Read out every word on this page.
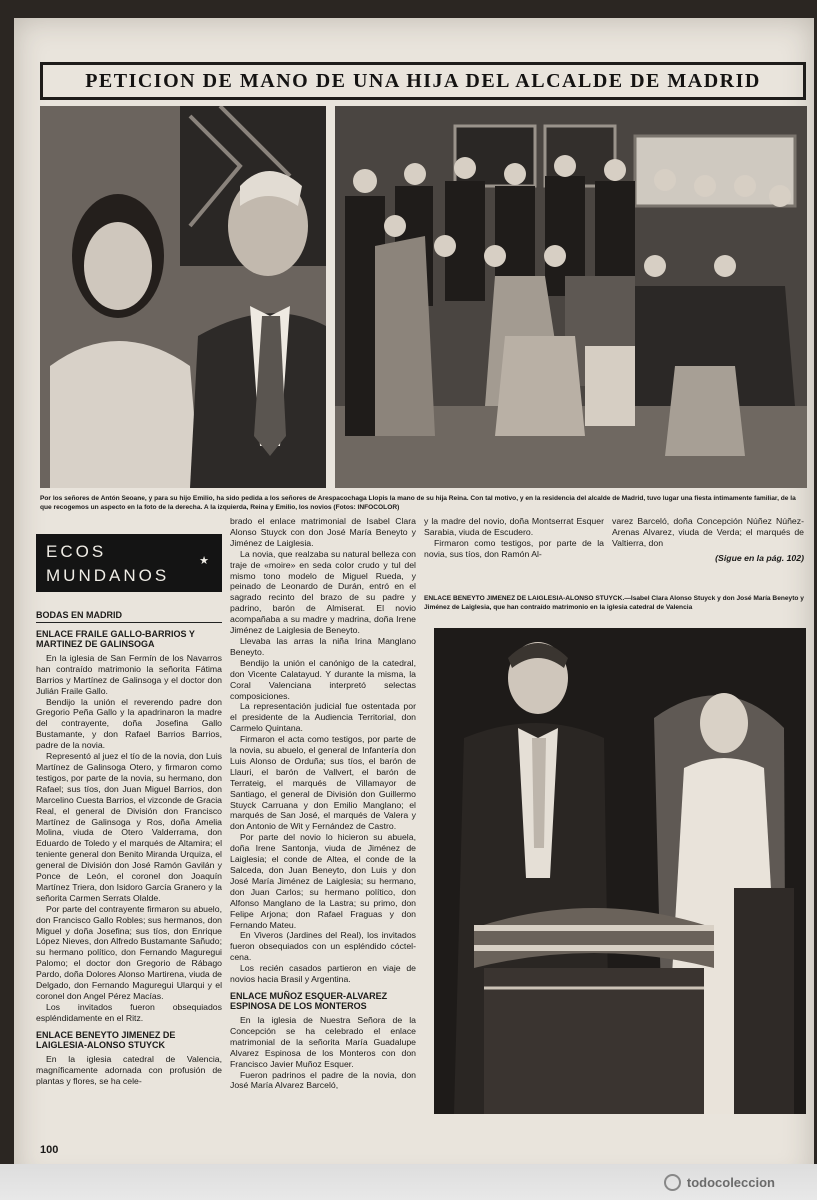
PETICION DE MANO DE UNA HIJA DEL ALCALDE DE MADRID
Por los señores de Antón Seoane, y para su hijo Emilio, ha sido pedida a los señores de Arespacochaga Llopis la mano de su hija Reina. Con tal motivo, y en la residencia del alcalde de Madrid, tuvo lugar una fiesta íntimamente familiar, de la que recogemos un aspecto en la foto de la derecha. A la izquierda, Reina y Emilio, los novios (Fotos: INFOCOLOR)
ECOS
MUNDANOS
★

BODAS EN MADRID

ENLACE FRAILE GALLO-BARRIOS Y MARTINEZ DE GALINSOGA

En la iglesia de San Fermín de los Navarros han contraído matrimonio la señorita Fátima Barrios y Martínez de Galinsoga y el doctor don Julián Fraile Gallo.

Bendijo la unión el reverendo padre don Gregorio Peña Gallo y la apadrinaron la madre del contrayente, doña Josefina Gallo Bustamante, y don Rafael Barrios Barrios, padre de la novia.

Representó al juez el tío de la novia, don Luis Martínez de Galinsoga Otero, y firmaron como testigos, por parte de la novia, su hermano, don Rafael; sus tíos, don Juan Miguel Barrios, don Marcelino Cuesta Barrios, el vizconde de Gracia Real, el general de División don Francisco Martínez de Galinsoga y Ros, doña Amelia Molina, viuda de Otero Valderrama, don Eduardo de Toledo y el marqués de Altamira; el teniente general don Benito Miranda Urquiza, el general de División don José Ramón Gavilán y Ponce de León, el coronel don Joaquín Martínez Triera, don Isidoro García Granero y la señorita Carmen Serrats Olalde.

Por parte del contrayente firmaron su abuelo, don Francisco Gallo Robles; sus hermanos, don Miguel y doña Josefina; sus tíos, don Enrique López Nieves, don Alfredo Bustamante Sañudo; su hermano político, don Fernando Maguregui Palomo; el doctor don Gregorio de Rábago Pardo, doña Dolores Alonso Martirena, viuda de Delgado, don Fernando Maguregui Ularqui y el coronel don Angel Pérez Macías.

Los invitados fueron obsequiados espléndidamente en el Ritz.

ENLACE BENEYTO JIMENEZ DE LAIGLESIA-ALONSO STUYCK

En la iglesia catedral de Valencia, magníficamente adornada con profusión de plantas y flores, se ha cele-

brado el enlace matrimonial de Isabel Clara Alonso Stuyck con don José María Beneyto y Jiménez de Laiglesia.

La novia, que realzaba su natural belleza con traje de «moire» en seda color crudo y tul del mismo tono modelo de Miguel Rueda, y peinado de Leonardo de Durán, entró en el sagrado recinto del brazo de su padre y padrino, barón de Almiserat. El novio acompañaba a su madre y madrina, doña Irene Jiménez de Laiglesia de Beneyto.

Llevaba las arras la niña Irina Manglano Beneyto.

Bendijo la unión el canónigo de la catedral, don Vicente Calatayud. Y durante la misma, la Coral Valenciana interpretó selectas composiciones.

La representación judicial fue ostentada por el presidente de la Audiencia Territorial, don Carmelo Quintana.

Firmaron el acta como testigos, por parte de la novia, su abuelo, el general de Infantería don Luis Alonso de Orduña; sus tíos, el barón de Llauri, el barón de Vallvert, el barón de Terrateig, el marqués de Villamayor de Santiago, el general de División don Guillermo Stuyck Carruana y don Emilio Manglano; el marqués de San José, el marqués de Valera y don Antonio de Wit y Fernández de Castro.

Por parte del novio lo hicieron su abuela, doña Irene Santonja, viuda de Jiménez de Laiglesia; el conde de Altea, el conde de la Salceda, don Juan Beneyto, don Luis y don José María Jiménez de Laiglesia; su hermano, don Juan Carlos; su hermano político, don Alfonso Manglano de la Lastra; su primo, don Felipe Arjona; don Rafael Fraguas y don Fernando Mateu.

En Viveros (Jardines del Real), los invitados fueron obsequiados con un espléndido cóctel-cena.

Los recién casados partieron en viaje de novios hacia Brasil y Argentina.

ENLACE MUÑOZ ESQUER-ALVAREZ ESPINOSA DE LOS MONTEROS

En la iglesia de Nuestra Señora de la Concepción se ha celebrado el enlace matrimonial de la señorita María Guadalupe Alvarez Espinosa de los Monteros con don Francisco Javier Muñoz Esquer.

Fueron padrinos el padre de la novia, don José María Alvarez Barceló,

y la madre del novio, doña Montserrat Esquer Sarabia, viuda de Escudero.

Firmaron como testigos, por parte de la novia, sus tíos, don Ramón Al-

varez Barceló, doña Concepción Núñez Núñez-Arenas Alvarez, viuda de Verda; el marqués de Valtierra, don

(Sigue en la pág. 102)

ENLACE BENEYTO JIMENEZ DE LAIGLESIA-ALONSO STUYCK.—Isabel Clara Alonso Stuyck y don José María Beneyto y Jiménez de Laiglesia, que han contraído matrimonio en la iglesia catedral de Valencia
100
todocoleccion
